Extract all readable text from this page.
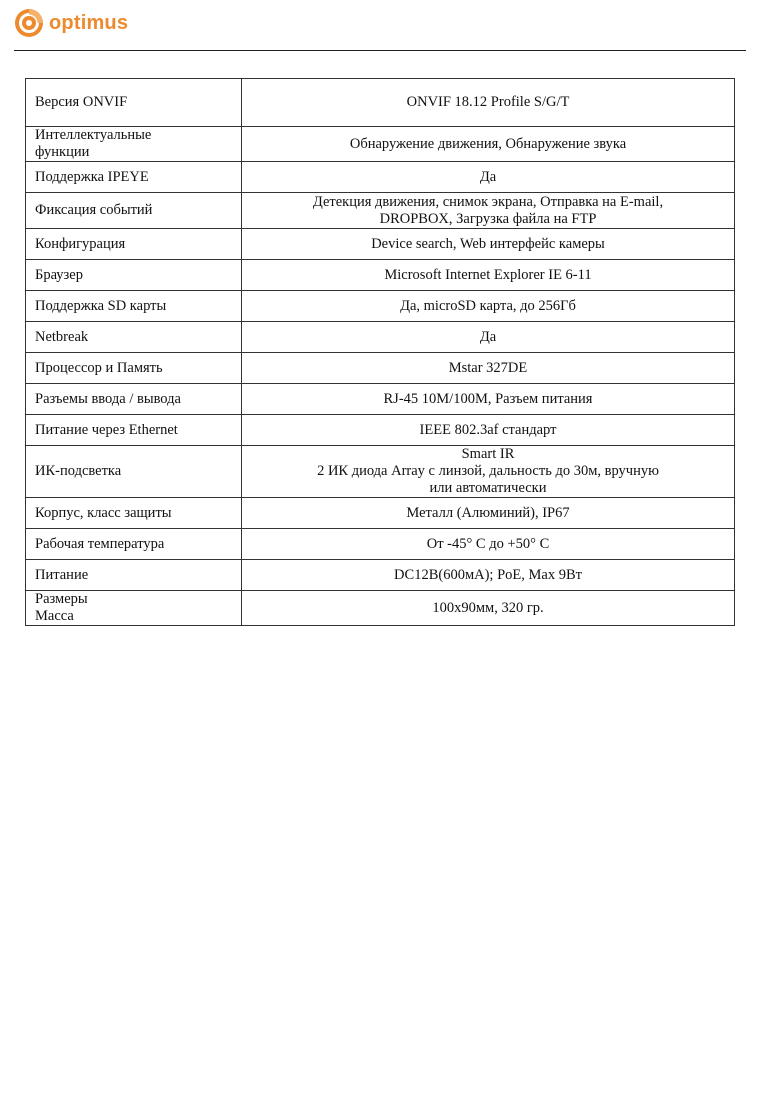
optimus
Версия ONVIF	ONVIF 18.12 Profile S/G/T

Интеллектуальные
функции	Обнаружение движения, Обнаружение звука

Поддержка IPEYE	Да

Фиксация событий	Детекция движения, снимок экрана, Отправка на E-mail,
DROPBOX, Загрузка файла на FTP

Конфигурация	Device search, Web интерфейс камеры

Браузер	Microsoft Internet Explorer IE 6-11

Поддержка SD карты	Да, microSD карта, до 256Гб

Netbreak	Да

Процессор и Память	Mstar 327DE

Разъемы ввода / вывода	RJ-45 10M/100M, Разъем питания

Питание через Ethernet	IEEE 802.3af стандарт

ИК-подсветка	Smart IR
2 ИК диода Array с линзой, дальность до 30м, вручную
или автоматически

Корпус, класс защиты	Металл (Алюминий), IP67

Рабочая температура	От -45° С до +50° С

Питание	DC12В(600мА); PoE, Max 9Вт

Размеры
Масса	100x90мм, 320 гр.
